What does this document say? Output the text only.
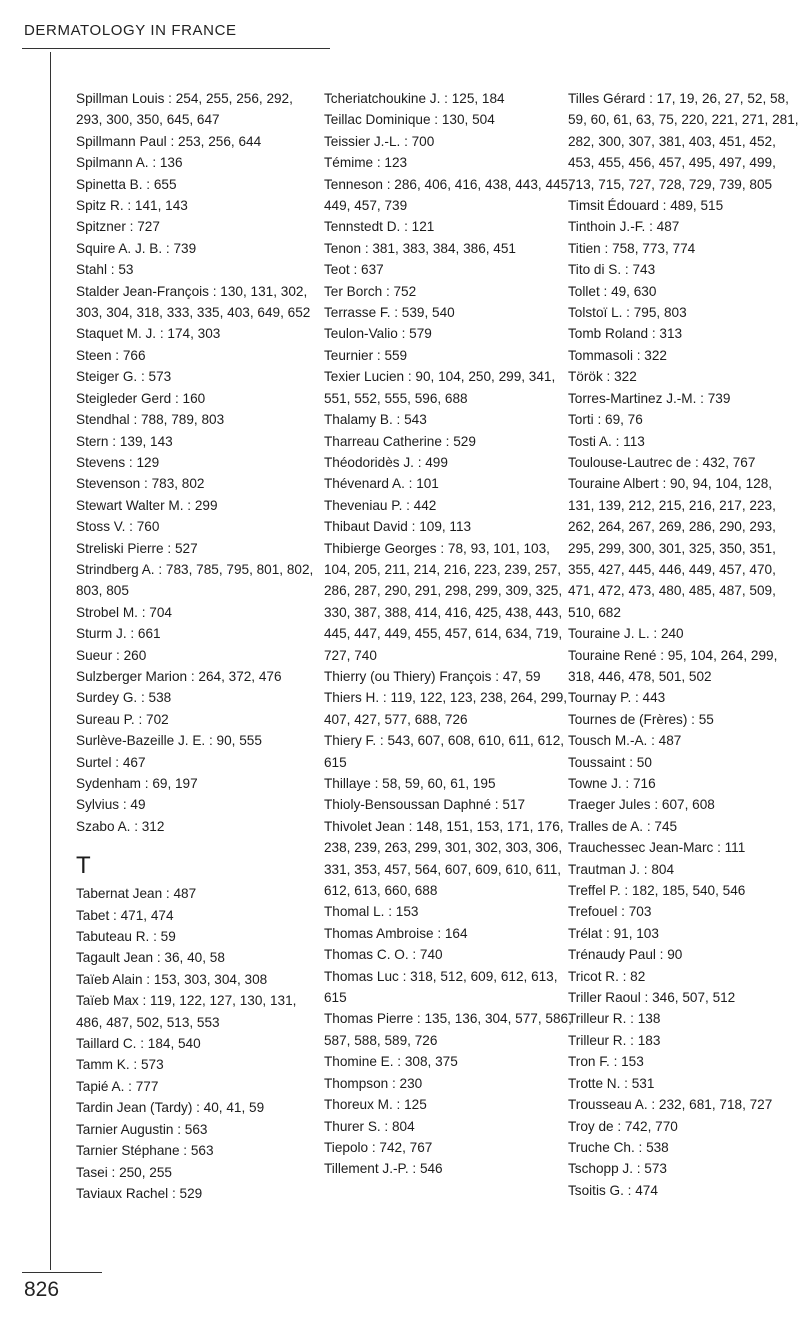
DERMATOLOGY IN FRANCE
Spillman Louis : 254, 255, 256, 292, 293, 300, 350, 645, 647
Spillmann Paul : 253, 256, 644
Spilmann A. : 136
Spinetta B. : 655
Spitz R. : 141, 143
Spitzner : 727
Squire A. J. B. : 739
Stahl : 53
Stalder Jean-François : 130, 131, 302, 303, 304, 318, 333, 335, 403, 649, 652
Staquet M. J. : 174, 303
Steen : 766
Steiger G. : 573
Steigleder Gerd : 160
Stendhal : 788, 789, 803
Stern : 139, 143
Stevens : 129
Stevenson : 783, 802
Stewart Walter M. : 299
Stoss V. : 760
Streliski Pierre : 527
Strindberg A. : 783, 785, 795, 801, 802, 803, 805
Strobel M. : 704
Sturm J. : 661
Sueur : 260
Sulzberger Marion : 264, 372, 476
Surdey G. : 538
Sureau P. : 702
Surlève-Bazeille J. E. : 90, 555
Surtel : 467
Sydenham : 69, 197
Sylvius : 49
Szabo A. : 312
T
Tabernat Jean : 487
Tabet : 471, 474
Tabuteau R. : 59
Tagault Jean : 36, 40, 58
Taïeb Alain : 153, 303, 304, 308
Taïeb Max : 119, 122, 127, 130, 131, 486, 487, 502, 513, 553
Taillard C. : 184, 540
Tamm K. : 573
Tapié A. : 777
Tardin Jean (Tardy) : 40, 41, 59
Tarnier Augustin : 563
Tarnier Stéphane : 563
Tasei : 250, 255
Taviaux Rachel : 529
Tcheriatchoukine J. : 125, 184
Teillac Dominique : 130, 504
Teissier J.-L. : 700
Témime : 123
Tenneson : 286, 406, 416, 438, 443, 445, 449, 457, 739
Tennstedt D. : 121
Tenon : 381, 383, 384, 386, 451
Teot : 637
Ter Borch : 752
Terrasse F. : 539, 540
Teulon-Valio : 579
Teurnier : 559
Texier Lucien : 90, 104, 250, 299, 341, 551, 552, 555, 596, 688
Thalamy B. : 543
Tharreau Catherine : 529
Théodoridès J. : 499
Thévenard A. : 101
Theveniau P. : 442
Thibaut David : 109, 113
Thibierge Georges : 78, 93, 101, 103, 104, 205, 211, 214, 216, 223, 239, 257, 286, 287, 290, 291, 298, 299, 309, 325, 330, 387, 388, 414, 416, 425, 438, 443, 445, 447, 449, 455, 457, 614, 634, 719, 727, 740
Thierry (ou Thiery) François : 47, 59
Thiers H. : 119, 122, 123, 238, 264, 299, 407, 427, 577, 688, 726
Thiery F. : 543, 607, 608, 610, 611, 612, 615
Thillaye : 58, 59, 60, 61, 195
Thioly-Bensoussan Daphné : 517
Thivolet Jean : 148, 151, 153, 171, 176, 238, 239, 263, 299, 301, 302, 303, 306, 331, 353, 457, 564, 607, 609, 610, 611, 612, 613, 660, 688
Thomal L. : 153
Thomas Ambroise : 164
Thomas C. O. : 740
Thomas Luc : 318, 512, 609, 612, 613, 615
Thomas Pierre : 135, 136, 304, 577, 586, 587, 588, 589, 726
Thomine E. : 308, 375
Thompson : 230
Thoreux M. : 125
Thurer S. : 804
Tiepolo : 742, 767
Tillement J.-P. : 546
Tilles Gérard : 17, 19, 26, 27, 52, 58, 59, 60, 61, 63, 75, 220, 221, 271, 281, 282, 300, 307, 381, 403, 451, 452, 453, 455, 456, 457, 495, 497, 499, 713, 715, 727, 728, 729, 739, 805
Timsit Édouard : 489, 515
Tinthoin J.-F. : 487
Titien : 758, 773, 774
Tito di S. : 743
Tollet : 49, 630
Tolstoï L. : 795, 803
Tomb Roland : 313
Tommasoli : 322
Török : 322
Torres-Martinez J.-M. : 739
Torti : 69, 76
Tosti A. : 113
Toulouse-Lautrec de : 432, 767
Touraine Albert : 90, 94, 104, 128, 131, 139, 212, 215, 216, 217, 223, 262, 264, 267, 269, 286, 290, 293, 295, 299, 300, 301, 325, 350, 351, 355, 427, 445, 446, 449, 457, 470, 471, 472, 473, 480, 485, 487, 509, 510, 682
Touraine J. L. : 240
Touraine René : 95, 104, 264, 299, 318, 446, 478, 501, 502
Tournay P. : 443
Tournes de (Frères) : 55
Tousch M.-A. : 487
Toussaint : 50
Towne J. : 716
Traeger Jules : 607, 608
Tralles de A. : 745
Trauchessec Jean-Marc : 111
Trautman J. : 804
Treffel P. : 182, 185, 540, 546
Trefouel : 703
Trélat : 91, 103
Trénaudy Paul : 90
Tricot R. : 82
Triller Raoul : 346, 507, 512
Trilleur R. : 138
Trilleur R. : 183
Tron F. : 153
Trotte N. : 531
Trousseau A. : 232, 681, 718, 727
Troy de : 742, 770
Truche Ch. : 538
Tschopp J. : 573
Tsoitis G. : 474
826
